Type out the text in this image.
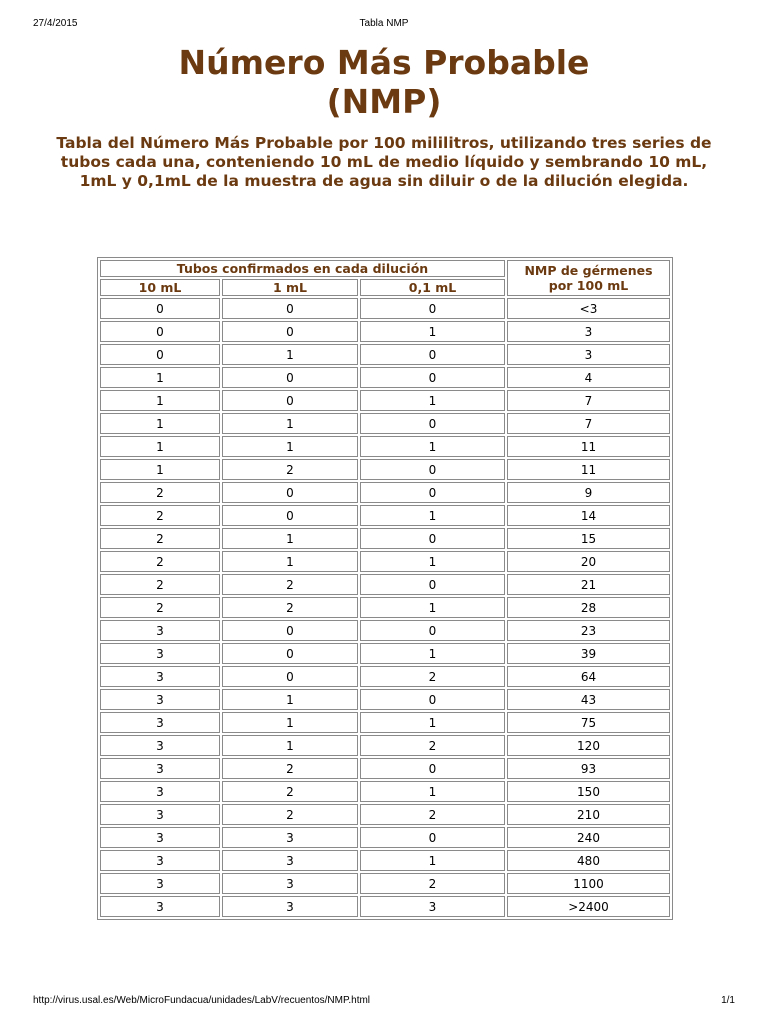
27/4/2015	Tabla NMP
Número Más Probable
(NMP)

Tabla del Número Más Probable por 100 mililitros, utilizando tres series de tubos cada una, conteniendo 10 mL de medio líquido y sembrando 10 mL, 1mL y 0,1mL de la muestra de agua sin diluir o de la dilución elegida.

Tubos confirmados en cada dilución			NMP de gérmenes
por 100 mL
10 mL	1 mL	0,1 mL	
0	0	0	<3
0	0	1	3
0	1	0	3
1	0	0	4
1	0	1	7
1	1	0	7
1	1	1	11
1	2	0	11
2	0	0	9
2	0	1	14
2	1	0	15
2	1	1	20
2	2	0	21
2	2	1	28
3	0	0	23
3	0	1	39
3	0	2	64
3	1	0	43
3	1	1	75
3	1	2	120
3	2	0	93
3	2	1	150
3	2	2	210
3	3	0	240
3	3	1	480
3	3	2	1100
3	3	3	>2400
http://virus.usal.es/Web/MicroFundacua/unidades/LabV/recuentos/NMP.html	1/1
